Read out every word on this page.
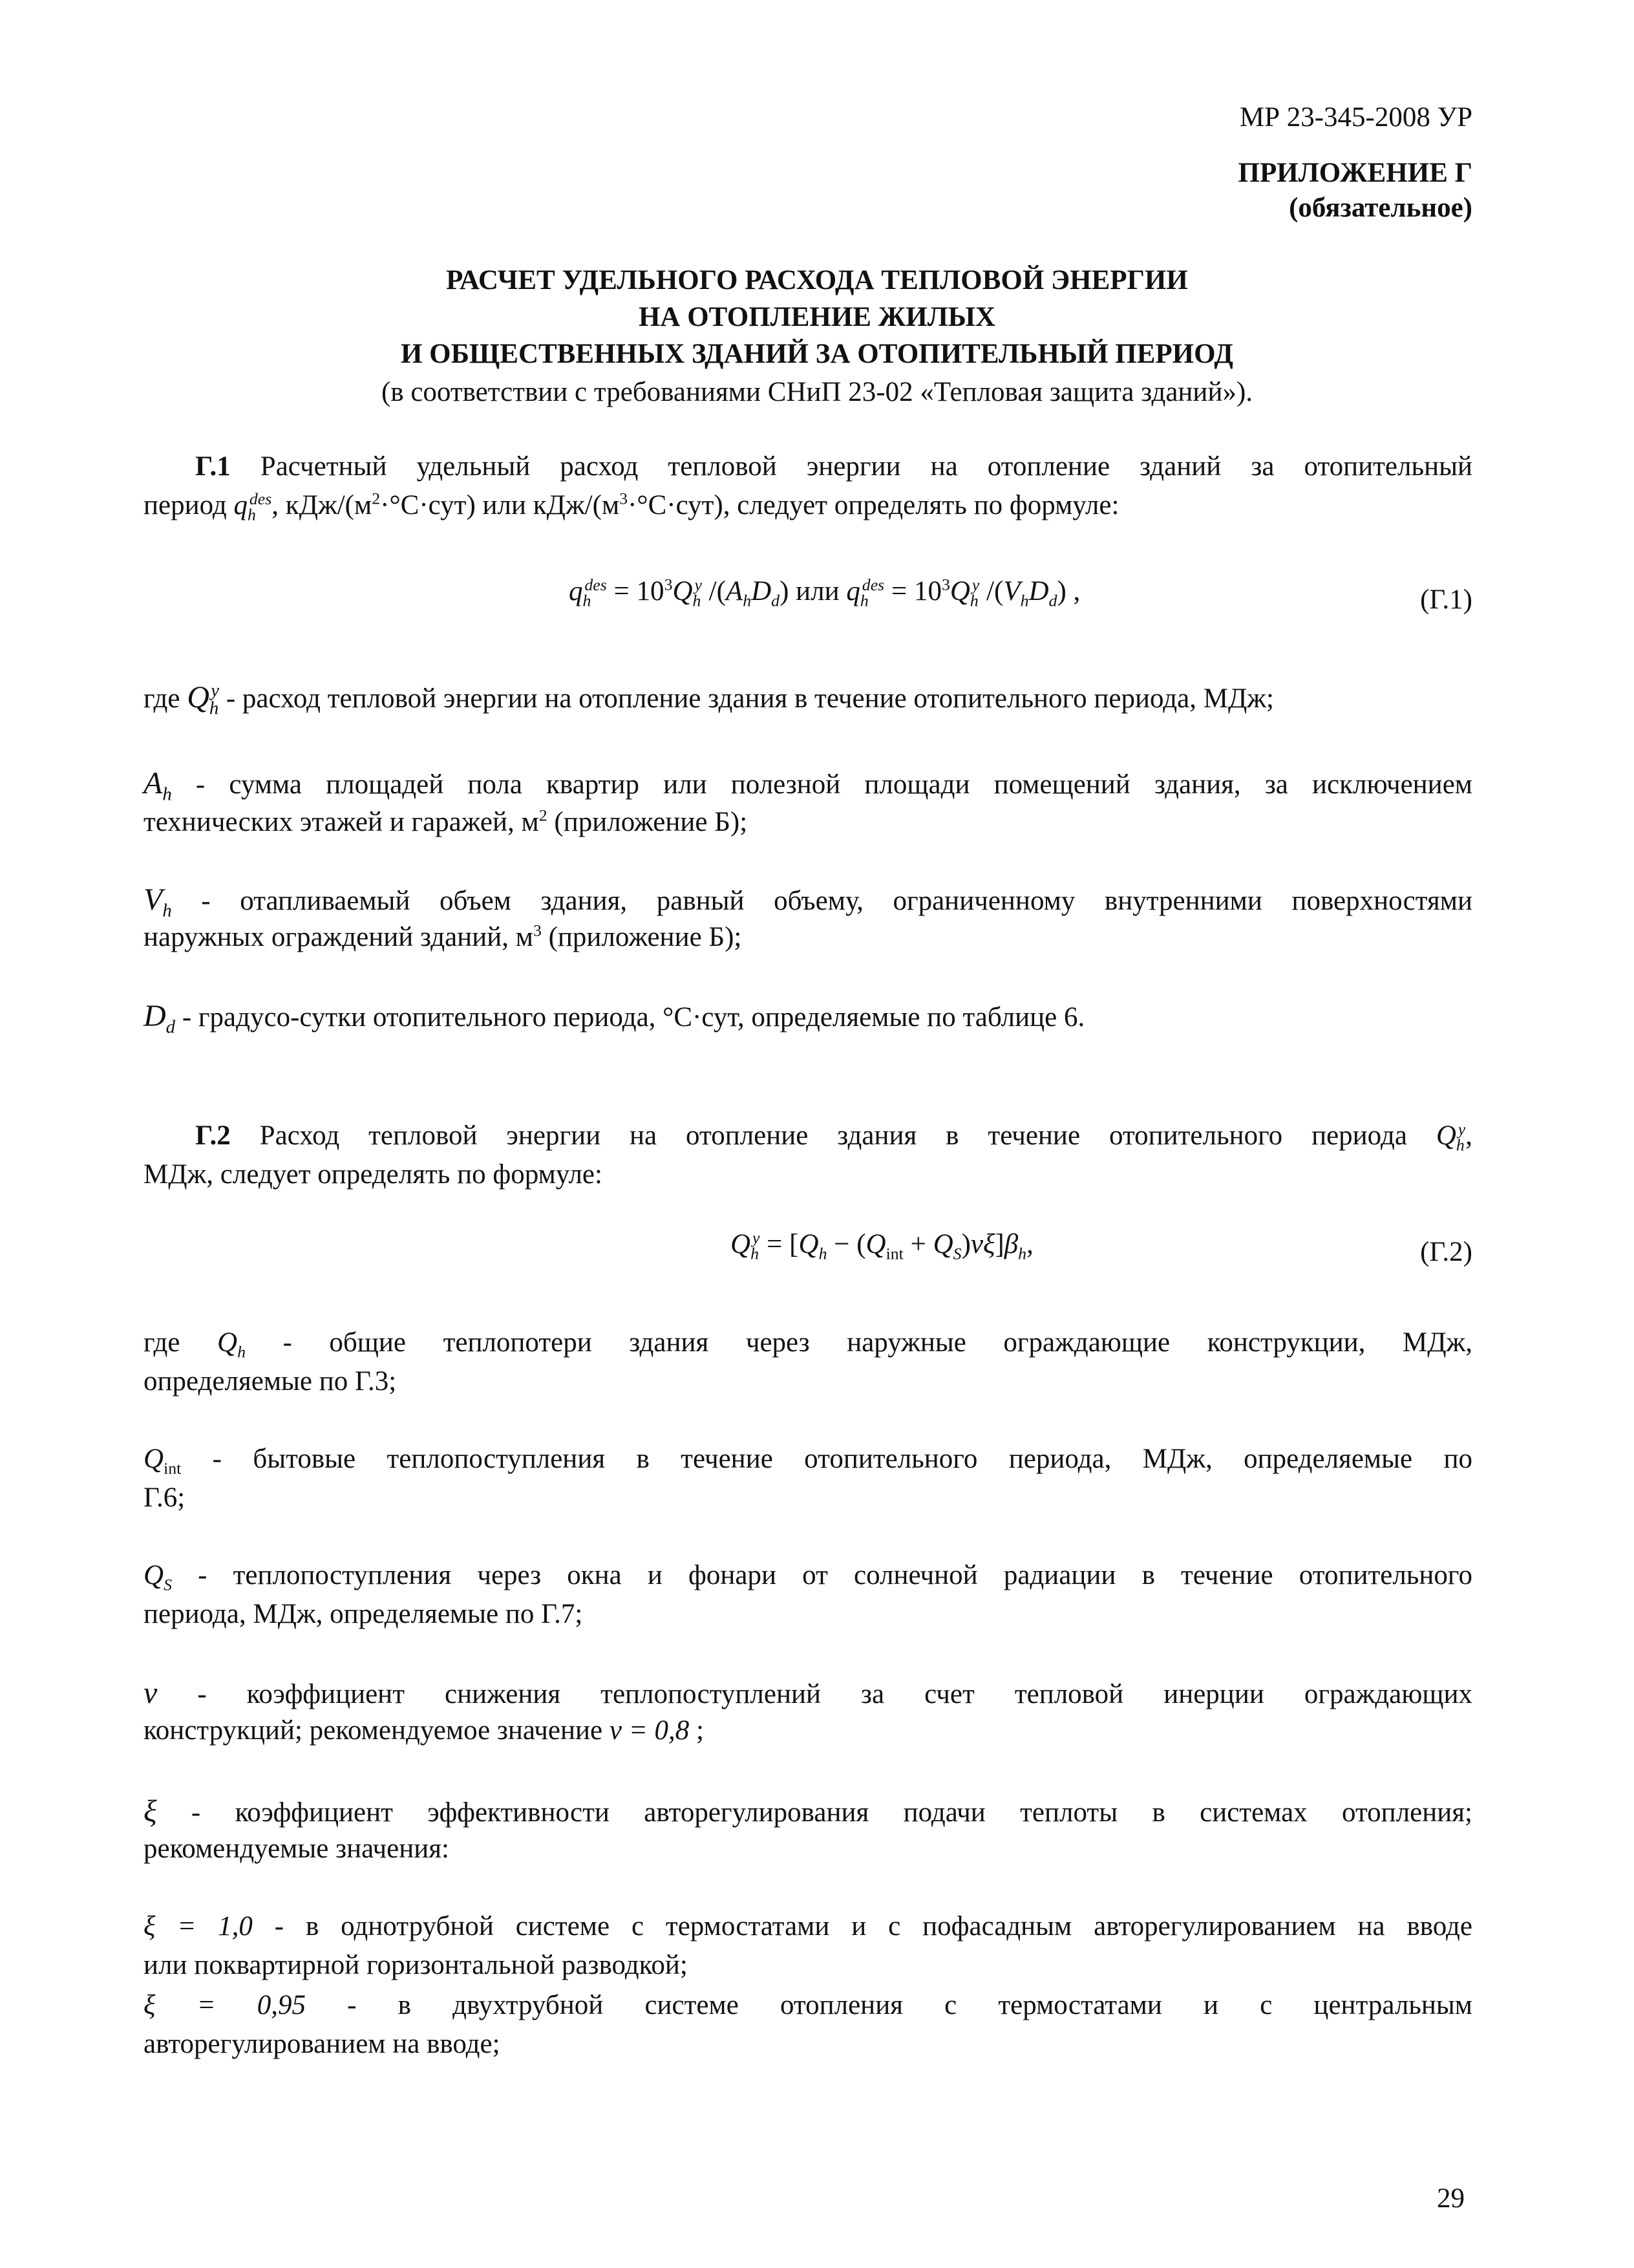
МР 23-345-2008 УР
ПРИЛОЖЕНИЕ Г
(обязательное)
РАСЧЕТ УДЕЛЬНОГО РАСХОДА ТЕПЛОВОЙ ЭНЕРГИИ
НА ОТОПЛЕНИЕ ЖИЛЫХ
И ОБЩЕСТВЕННЫХ ЗДАНИЙ ЗА ОТОПИТЕЛЬНЫЙ ПЕРИОД
(в соответствии с требованиями СНиП 23-02 «Тепловая защита зданий»).
Г.1 Расчетный удельный расход тепловой энергии на отопление зданий за отопительный
период $q_h^{des}$, кДж/$(м^2\cdot^\circ С\cdot сут)$ или кДж/$(м^3\cdot^\circ С\cdot сут)$, следует определять по формуле:
$q_h^{des} = 10^3Q_h^y$ $/(A_hD_d)$ или $q_h^{des} = 10^3Q_h^y$ $/(V_hD_d)$ ,	(Г.1)
где $Q_h^y$ - расход тепловой энергии на отопление здания в течение отопительного периода, МДж;
$A_h$ - сумма площадей пола квартир или полезной площади помещений здания, за исключением
технических этажей и гаражей, $м^2$ (приложение Б);
$V_h$ - отапливаемый объем здания, равный объему, ограниченному внутренними поверхностями
наружных ограждений зданий, $м^3$ (приложение Б);
$D_d$ - градусо-сутки отопительного периода, °С·сут, определяемые по таблице 6.
Г.2 Расход тепловой энергии на отопление здания в течение отопительного периода $Q_h^y$,
МДж, следует определять по формуле:
$Q_h^y = [Q_h - (Q_{int} + Q_S)\nu\xi]\beta_h$,	(Г.2)
где $Q_h$ - общие теплопотери здания через наружные ограждающие конструкции, МДж,
определяемые по Г.3;
$Q_{int}$ - бытовые теплопоступления в течение отопительного периода, МДж, определяемые по
Г.6;
$Q_S$ - теплопоступления через окна и фонари от солнечной радиации в течение отопительного
периода, МДж, определяемые по Г.7;
ν - коэффициент снижения теплопоступлений за счет тепловой инерции ограждающих
конструкций; рекомендуемое значение ν = 0,8 ;
ξ - коэффициент эффективности авторегулирования подачи теплоты в системах отопления;
рекомендуемые значения:
ξ = 1,0 - в однотрубной системе с термостатами и с пофасадным авторегулированием на вводе
или поквартирной горизонтальной разводкой;
ξ = 0,95 - в двухтрубной системе отопления с термостатами и с центральным
авторегулированием на вводе;
29
